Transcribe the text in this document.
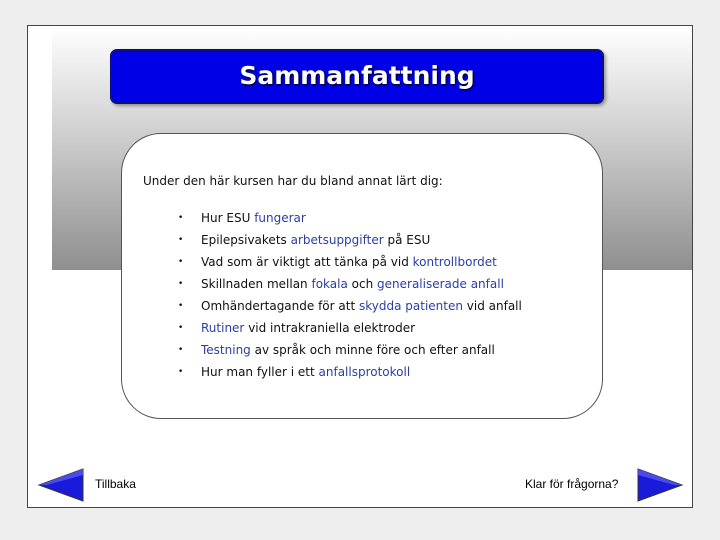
Sammanfattning
Under den här kursen har du bland annat lärt dig:
• Hur ESU fungerar
• Epilepsivakets arbetsuppgifter på ESU
• Vad som är viktigt att tänka på vid kontrollbordet
• Skillnaden mellan fokala och generaliserade anfall
• Omhändertagande för att skydda patienten vid anfall
• Rutiner vid intrakraniella elektroder
• Testning av språk och minne före och efter anfall
• Hur man fyller i ett anfallsprotokoll
Tillbaka	Klar för frågorna?
